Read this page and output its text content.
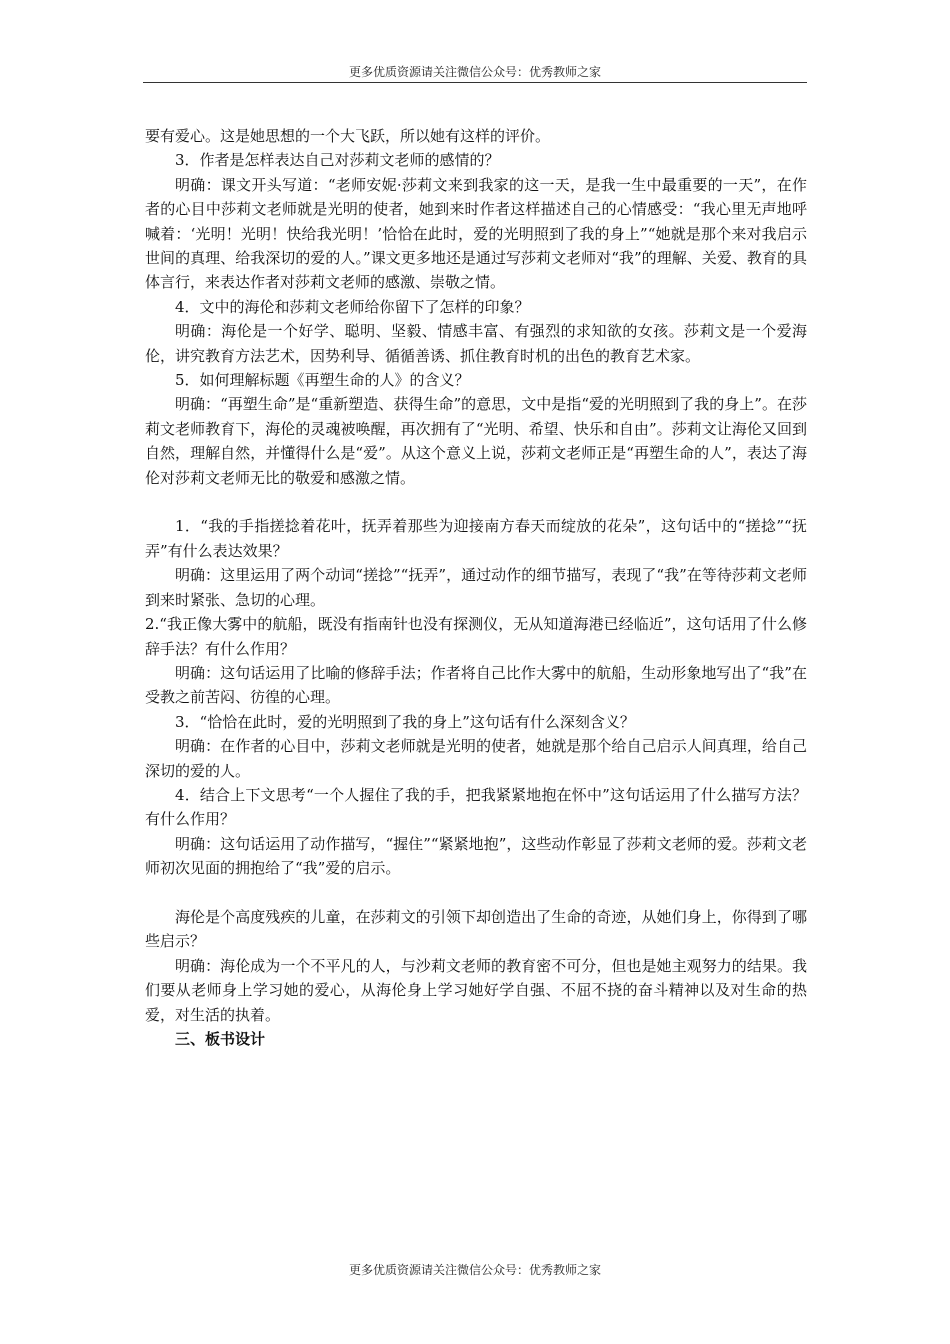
更多优质资源请关注微信公众号：优秀教师之家

要有爱心。这是她思想的一个大飞跃，所以她有这样的评价。

3．作者是怎样表达自己对莎莉文老师的感情的？

明确：课文开头写道：“老师安妮·莎莉文来到我家的这一天，是我一生中最重要的一天”，在作者的心目中莎莉文老师就是光明的使者，她到来时作者这样描述自己的心情感受：“我心里无声地呼喊着：‘光明！光明！快给我光明！’恰恰在此时，爱的光明照到了我的身上”“她就是那个来对我启示世间的真理、给我深切的爱的人。”课文更多地还是通过写莎莉文老师对“我”的理解、关爱、教育的具体言行，来表达作者对莎莉文老师的感激、崇敬之情。

4．文中的海伦和莎莉文老师给你留下了怎样的印象？

明确：海伦是一个好学、聪明、坚毅、情感丰富、有强烈的求知欲的女孩。莎莉文是一个爱海伦，讲究教育方法艺术，因势利导、循循善诱、抓住教育时机的出色的教育艺术家。

5．如何理解标题《再塑生命的人》的含义？

明确：“再塑生命”是“重新塑造、获得生命”的意思，文中是指“爱的光明照到了我的身上”。在莎莉文老师教育下，海伦的灵魂被唤醒，再次拥有了“光明、希望、快乐和自由”。莎莉文让海伦又回到自然，理解自然，并懂得什么是“爱”。从这个意义上说，莎莉文老师正是“再塑生命的人”，表达了海伦对莎莉文老师无比的敬爱和感激之情。

1．“我的手指搓捻着花叶，抚弄着那些为迎接南方春天而绽放的花朵”，这句话中的“搓捻”“抚弄”有什么表达效果？

明确：这里运用了两个动词“搓捻”“抚弄”，通过动作的细节描写，表现了“我”在等待莎莉文老师到来时紧张、急切的心理。

2.“我正像大雾中的航船，既没有指南针也没有探测仪，无从知道海港已经临近”，这句话用了什么修辞手法？有什么作用？

明确：这句话运用了比喻的修辞手法；作者将自己比作大雾中的航船，生动形象地写出了“我”在受教之前苦闷、彷徨的心理。

3．“恰恰在此时，爱的光明照到了我的身上”这句话有什么深刻含义？

明确：在作者的心目中，莎莉文老师就是光明的使者，她就是那个给自己启示人间真理，给自己深切的爱的人。

4．结合上下文思考“一个人握住了我的手，把我紧紧地抱在怀中”这句话运用了什么描写方法？有什么作用？

明确：这句话运用了动作描写，“握住”“紧紧地抱”，这些动作彰显了莎莉文老师的爱。莎莉文老师初次见面的拥抱给了“我”爱的启示。

海伦是个高度残疾的儿童，在莎莉文的引领下却创造出了生命的奇迹，从她们身上，你得到了哪些启示？

明确：海伦成为一个不平凡的人，与沙莉文老师的教育密不可分，但也是她主观努力的结果。我们要从老师身上学习她的爱心，从海伦身上学习她好学自强、不屈不挠的奋斗精神以及对生命的热爱，对生活的执着。

三、板书设计

更多优质资源请关注微信公众号：优秀教师之家
